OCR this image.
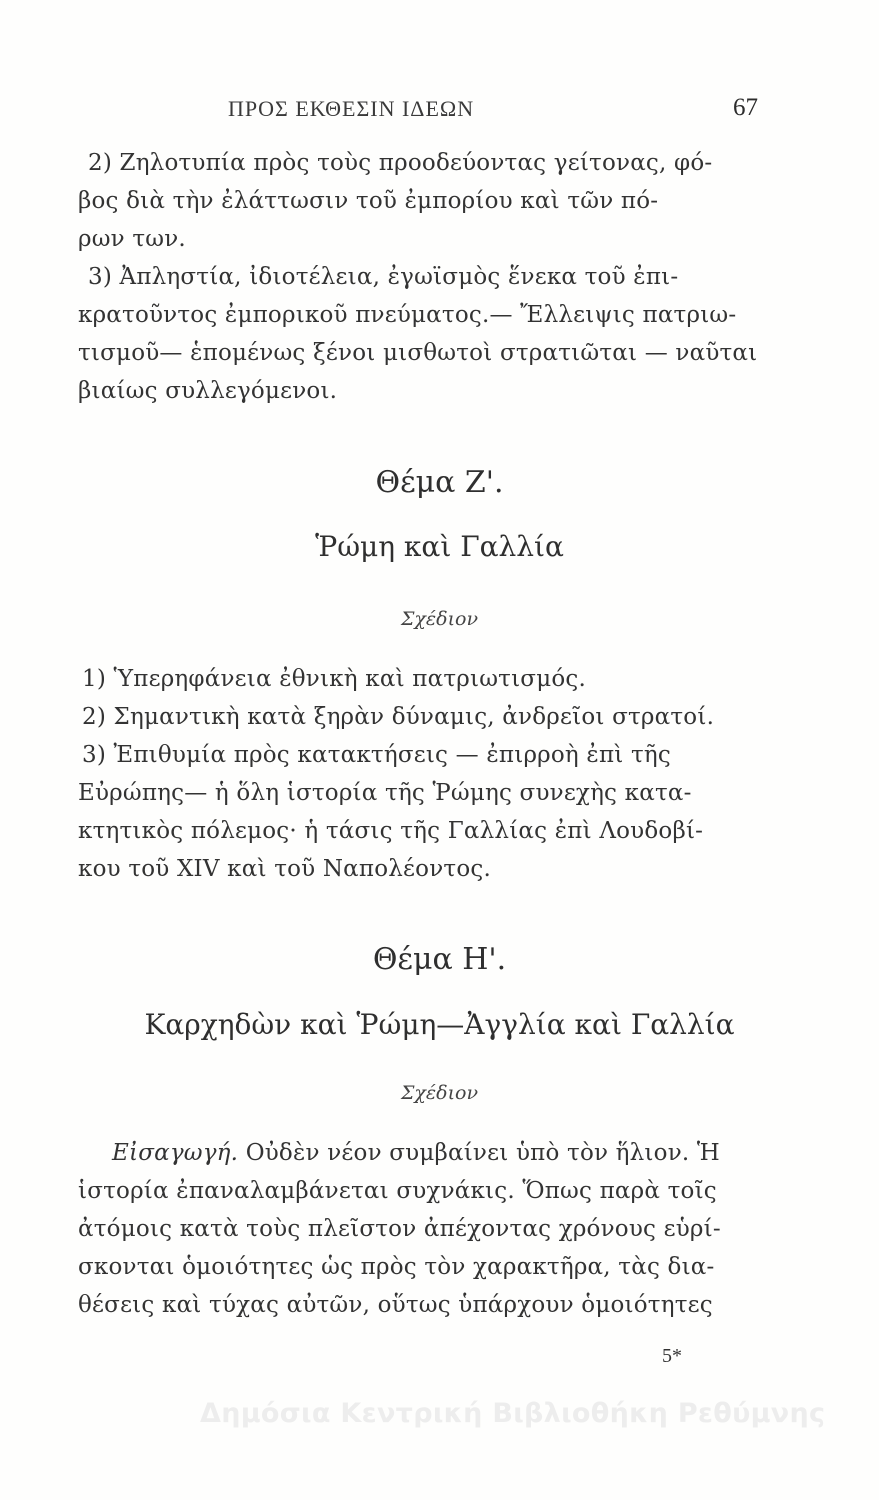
ΠΡΟΣ ΕΚΘΕΣΙΝ ΙΔΕΩΝ	67
2) Ζηλοτυπία πρὸς τοὺς προοδεύοντας γείτονας, φό-
βος διὰ τὴν ἐλάττωσιν τοῦ ἐμπορίου καὶ τῶν πό-
ρων των.
3) Ἀπληστία, ἰδιοτέλεια, ἐγωϊσμὸς ἕνεκα τοῦ ἐπι-
κρατοῦντος ἐμπορικοῦ πνεύματος.— Ἔλλειψις πατριω-
τισμοῦ— ἑπομένως ξένοι μισθωτοὶ στρατιῶται — ναῦται
βιαίως συλλεγόμενοι.
Θέμα Ζ'.
Ῥώμη καὶ Γαλλία
Σχέδιον
1) Ὑπερηφάνεια ἐθνικὴ καὶ πατριωτισμός.
2) Σημαντικὴ κατὰ ξηρὰν δύναμις, ἀνδρεῖοι στρατοί.
3) Ἐπιθυμία πρὸς κατακτήσεις — ἐπιρροὴ ἐπὶ τῆς
Εὐρώπης— ἡ ὅλη ἱστορία τῆς Ῥώμης συνεχὴς κατα-
κτητικὸς πόλεμος· ἡ τάσις τῆς Γαλλίας ἐπὶ Λουδοβί-
κου τοῦ XIV καὶ τοῦ Ναπολέοντος.
Θέμα Η'.
Καρχηδὼν καὶ Ῥώμη—Ἀγγλία καὶ Γαλλία
Σχέδιον
Εἰσαγωγή. Οὐδὲν νέον συμβαίνει ὑπὸ τὸν ἥλιον. Ἡ
ἱστορία ἐπαναλαμβάνεται συχνάκις. Ὅπως παρὰ τοῖς
ἀτόμοις κατὰ τοὺς πλεῖστον ἀπέχοντας χρόνους εὑρί-
σκονται ὁμοιότητες ὡς πρὸς τὸν χαρακτῆρα, τὰς δια-
θέσεις καὶ τύχας αὐτῶν, οὕτως ὑπάρχουν ὁμοιότητες
5*
Δημόσια Κεντρική Βιβλιοθήκη Ρεθύμνης
